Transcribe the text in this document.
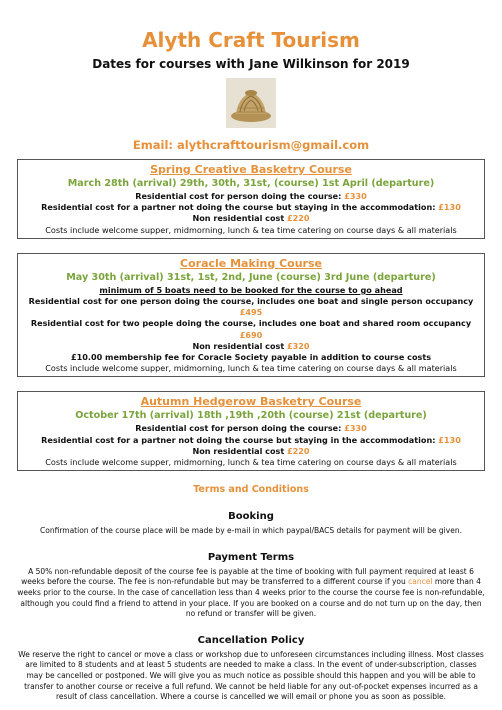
Alyth Craft Tourism
Dates for courses with Jane Wilkinson for 2019
Email: alythcrafttourism@gmail.com
Spring Creative Basketry Course
March 28th (arrival) 29th, 30th, 31st, (course) 1st April (departure)
Residential cost for person doing the course: £330
Residential cost for a partner not doing the course but staying in the accommodation: £130
Non residential cost £220
Costs include welcome supper, midmorning, lunch & tea time catering on course days & all materials
Coracle Making Course
May 30th (arrival) 31st, 1st, 2nd, June (course) 3rd June (departure)
minimum of 5 boats need to be booked for the course to go ahead
Residential cost for one person doing the course, includes one boat and single person occupancy £495
Residential cost for two people doing the course, includes one boat and shared room occupancy £690
Non residential cost £320
£10.00 membership fee for Coracle Society payable in addition to course costs
Costs include welcome supper, midmorning, lunch & tea time catering on course days & all materials
Autumn Hedgerow Basketry Course
October 17th (arrival) 18th ,19th ,20th (course) 21st (departure)
Residential cost for person doing the course: £330
Residential cost for a partner not doing the course but staying in the accommodation: £130
Non residential cost £220
Costs include welcome supper, midmorning, lunch & tea time catering on course days & all materials
Terms and Conditions
Booking
Confirmation of the course place will be made by e-mail in which paypal/BACS details for payment will be given.
Payment Terms
A 50% non-refundable deposit of the course fee is payable at the time of booking with full payment required at least 6 weeks before the course. The fee is non-refundable but may be transferred to a different course if you cancel more than 4 weeks prior to the course. In the case of cancellation less than 4 weeks prior to the course the course fee is non-refundable, although you could find a friend to attend in your place. If you are booked on a course and do not turn up on the day, then no refund or transfer will be given.
Cancellation Policy
We reserve the right to cancel or move a class or workshop due to unforeseen circumstances including illness. Most classes are limited to 8 students and at least 5 students are needed to make a class. In the event of under-subscription, classes may be cancelled or postponed. We will give you as much notice as possible should this happen and you will be able to transfer to another course or receive a full refund. We cannot be held liable for any out-of-pocket expenses incurred as a result of class cancellation. Where a course is cancelled we will email or phone you as soon as possible.
